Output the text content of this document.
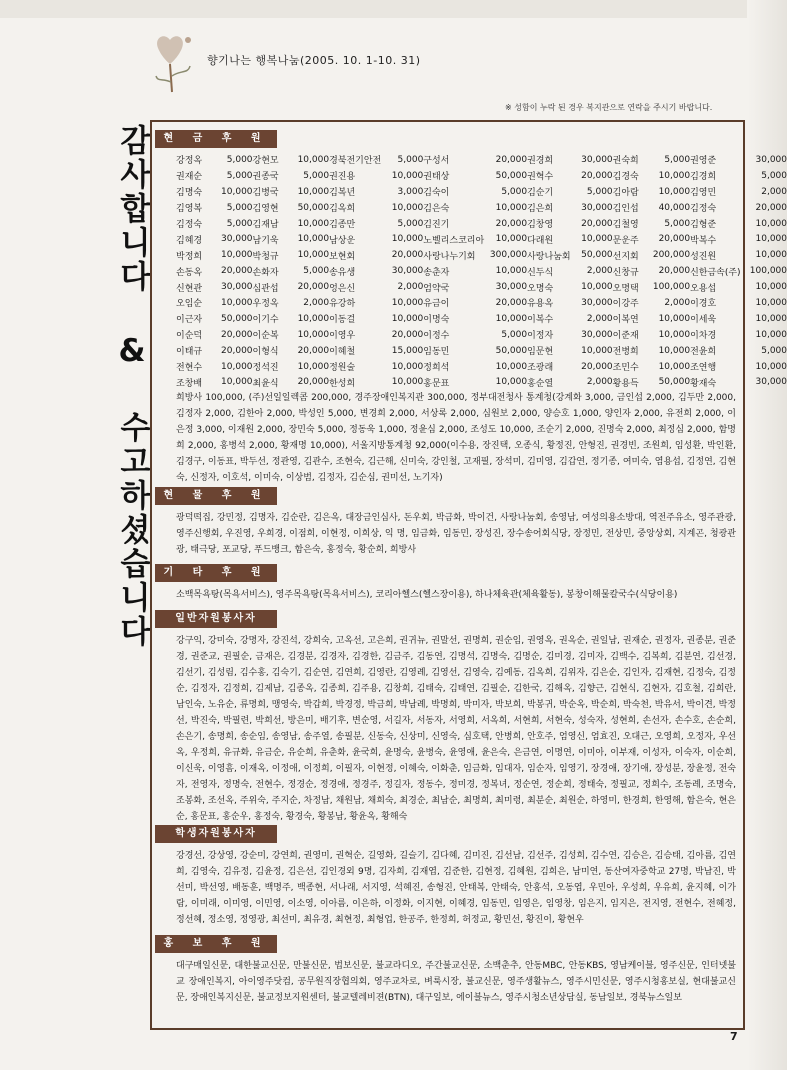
향기나는 행복나눔(2005. 10. 1-10. 31)
※ 성함이 누락 된 경우 복지관으로 연락을 주시기 바랍니다.
감사합니다 & 수고하셨습니다	현 금 후 원
강정옥	5,000	강현모	10,000	경북전기안전	5,000	구성서	20,000	권경희	30,000	권숙희	5,000	권영준	30,000
권재순	5,000	권종국	5,000	권진용	10,000	권태상	50,000	권혁수	20,000	김경숙	10,000	김경희	5,000
김명숙	10,000	김병국	10,000	김복년	3,000	김숙이	5,000	김순기	5,000	김아람	10,000	김영민	2,000
김영복	5,000	김영현	50,000	김옥희	10,000	김은숙	10,000	김은희	30,000	김인섭	40,000	김정숙	20,000
김정숙	5,000	김재남	10,000	김종만	5,000	김진기	20,000	김창영	20,000	김철영	5,000	김형준	10,000
김혜경	30,000	남기욱	10,000	남상운	10,000	노벨리스코리아	10,000	다래원	10,000	문운주	20,000	박복수	10,000
박정희	10,000	박청규	10,000	보현회	20,000	사랑나누기회	300,000	사랑나눔회	50,000	선지회	200,000	성진원	10,000
손동옥	20,000	손화자	5,000	송유생	30,000	송춘자	10,000	신두식	2,000	신창규	20,000	신한금속(주)	100,000
신현관	30,000	심관섭	20,000	엉은신	2,000	엄약국	30,000	오명숙	10,000	오명택	100,000	오용섭	10,000
오임순	10,000	우정옥	2,000	유강하	10,000	유금이	20,000	유용옥	30,000	이강주	2,000	이경호	10,000
이근자	50,000	이기수	10,000	이동걸	10,000	이명숙	10,000	이복수	2,000	이복연	10,000	이세욱	10,000
이순덕	20,000	이순복	10,000	이영우	20,000	이정수	5,000	이정자	30,000	이준재	10,000	이차경	10,000
이태규	20,000	이형식	20,000	이혜철	15,000	임동민	50,000	임문현	10,000	전병희	10,000	전윤희	5,000
전현수	10,000	정석진	10,000	정원술	10,000	정희석	10,000	조광래	20,000	조민수	10,000	조연행	10,000
조창배	10,000	최윤식	20,000	한성희	10,000	홍문표	10,000	홍순열	2,000	황용득	50,000	황재숙	30,000
희방사 100,000, (주)선일일렉콤 200,000, 경주장애인복지관 300,000, 정부대전청사 통계청(강계화 3,000, 금인섭 2,000, 김두만 2,000, 김정자 2,000, 김한아 2,000, 박성인 5,000, 변경희 2,000, 서상록 2,000, 심원보 2,000, 양승호 1,000, 양인자 2,000, 유전희 2,000, 이은정 3,000, 이재원 2,000, 장민숙 5,000, 정동욱 1,000, 정윤심 2,000, 조성도 10,000, 조순기 2,000, 진명숙 2,000, 최정심 2,000, 함명희 2,000, 홍병석 2,000, 황재명 10,000), 서울지방통계청 92,000(이수용, 장진택, 오종식, 황정진, 안형진, 권경빈, 조원희, 임성환, 박인환, 김경구, 이동표, 박두선, 정관영, 김관수, 조현숙, 김근해, 신미숙, 강인철, 고재필, 장석미, 김미영, 김갑연, 정기종, 여미숙, 염용섭, 김정연, 김현숙, 신정자, 이호석, 이미숙, 이상범, 김정자, 김순심, 권미선, 노기자)
현 물 후 원
광덕떡집, 강민정, 김명자, 김순란, 김은옥, 대장금인심사, 돈우회, 박금화, 박이건, 사랑나눔회, 송영남, 여성의용소방대, 역전주유소, 영주관광, 영주신행회, 우진영, 우희경, 이점희, 이현정, 이희상, 익 명, 임금화, 임동민, 장성진, 장수송어회식당, 장정민, 전상민, 중앙상회, 지계곤, 청광관광, 태극당, 포교당, 푸드뱅크, 함은숙, 홍정숙, 황순희, 희방사
기 타 후 원
소백목욕탕(목욕서비스), 영주목욕탕(목욕서비스), 코리아헬스(헬스장이용), 하나체육관(체육활동), 봉창이해물칼국수(식당이용)
일반자원봉사자
강구익, 강미숙, 강명자, 강진석, 강희숙, 고옥선, 고은희, 권귀뉴, 권말선, 권명희, 권순임, 권영옥, 권옥순, 권일남, 권재순, 권정자, 권종분, 권준경, 권준교, 권필순, 금재은, 김경분, 김경자, 김경한, 김금주, 김동연, 김명석, 김명숙, 김명순, 김미경, 김미자, 김백수, 김복희, 김분연, 김선경, 김선기, 김성림, 김수홍, 김숙기, 김순연, 김연희, 김영란, 김영례, 김영선, 김영숙, 김예동, 김옥희, 김위자, 김은순, 김인자, 김재현, 김정숙, 김정순, 김정자, 김정희, 김제남, 김종옥, 김종희, 김주용, 김창희, 김태숙, 김태연, 김필순, 김한국, 김해옥, 김향근, 김현식, 김현자, 김호철, 김희란, 남인숙, 노유순, 류명희, 맹영숙, 박갑희, 박경정, 박금희, 박남례, 박명희, 박미자, 박보희, 박봉귀, 박순옥, 박순희, 박숙천, 박유서, 박이견, 박정선, 박진숙, 박필련, 박희선, 방은미, 배기후, 변순영, 서길자, 서동자, 서영희, 서옥희, 서현희, 서현숙, 성숙자, 성현희, 손선자, 손수호, 손순희, 손은기, 송명희, 송순임, 송영남, 송주열, 송필분, 신동숙, 신상미, 신영숙, 심호택, 안병희, 안호주, 엄영신, 엄효진, 오대근, 오영희, 오정자, 우선옥, 우정희, 유규화, 유금순, 유순희, 유춘화, 윤국희, 윤명숙, 윤병숙, 윤영애, 윤은숙, 은금연, 이명연, 이미아, 이부재, 이성자, 이숙자, 이순희, 이신욱, 이영흠, 이재옥, 이정애, 이정희, 이필자, 이현정, 이혜숙, 이화춘, 임금화, 임대자, 임순자, 임영기, 장경애, 장기애, 장성분, 장윤정, 전숙자, 전영자, 정명숙, 전현수, 정경순, 정경애, 정경주, 정길자, 정동수, 정미경, 정복녀, 정순연, 정순희, 정태숙, 정필교, 정희수, 조동례, 조명숙, 조봉화, 조선옥, 주위숙, 주지순, 차정남, 채원남, 채희숙, 최경순, 최남순, 최명희, 최미령, 최분순, 최원순, 하영미, 한경희, 한영해, 함은숙, 현은순, 홍문표, 홍순우, 홍정숙, 황경숙, 황봉남, 황윤옥, 황해숙
학생자원봉사자
강경선, 강상영, 강순미, 강연희, 권영미, 권혁순, 길영화, 길슬기, 김다혜, 김미진, 김선남, 김선주, 김성희, 김수연, 김승은, 김승태, 김아름, 김연희, 김영숙, 김유정, 김윤정, 김은선, 김인경외 9명, 김자희, 김재엽, 김준한, 김현정, 김혜원, 김희은, 남미연, 동산여자중학교 27명, 박남진, 박선미, 박선영, 배동훈, 백명주, 백종현, 서나래, 서지영, 석혜진, 송형진, 안태복, 안태숙, 안홍석, 오동엽, 우민아, 우성희, 우유희, 윤지혜, 이가람, 이미래, 이미영, 이민영, 이소영, 이아름, 이은하, 이정화, 이지현, 이혜경, 임동민, 임영은, 임영창, 임은지, 임지은, 전지영, 전현수, 전혜정, 정선혜, 정소영, 정영광, 최선미, 최유경, 최현정, 최형업, 한공주, 한정희, 허정교, 황민선, 황진이, 황현우
홍 보 후 원
대구매일신문, 대한불교신문, 만불신문, 법보신문, 불교라디오, 주간불교신문, 소백춘추, 안동MBC, 안동KBS, 영남케이블, 영주신문, 인터넷불교 장애인복지, 아이영주닷컴, 공무원직장협의회, 영주교차로, 벼룩시장, 불교신문, 영주생활뉴스, 영주시민신문, 영주시청홍보실, 현대불교신문, 장애인복지신문, 불교정보지원센터, 불교텔레비젼(BTN), 대구일보, 에이블뉴스, 영주시청소년상담실, 동남일보, 경북뉴스일보
7
